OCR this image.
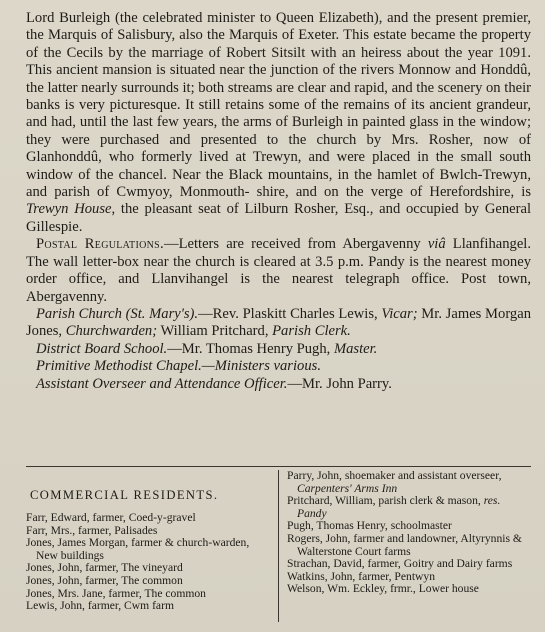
Lord Burleigh (the celebrated minister to Queen Elizabeth), and the present premier, the Marquis of Salisbury, also the Marquis of Exeter. This estate became the property of the Cecils by the marriage of Robert Sitsilt with an heiress about the year 1091. This ancient mansion is situated near the junction of the rivers Monnow and Honddû, the latter nearly surrounds it; both streams are clear and rapid, and the scenery on their banks is very picturesque. It still retains some of the remains of its ancient grandeur, and had, until the last few years, the arms of Burleigh in painted glass in the window; they were purchased and presented to the church by Mrs. Rosher, now of Glanhonddû, who formerly lived at Trewyn, and were placed in the small south window of the chancel. Near the Black mountains, in the hamlet of Bwlch-Trewyn, and parish of Cwmyoy, Monmouth- shire, and on the verge of Herefordshire, is Trewyn House, the pleasant seat of Lilburn Rosher, Esq., and occupied by General Gillespie.

Postal Regulations.—Letters are received from Abergavenny viâ Llanfihangel. The wall letter-box near the church is cleared at 3.5 p.m. Pandy is the nearest money order office, and Llanvihangel is the nearest telegraph office. Post town, Abergavenny.

Parish Church (St. Mary's).—Rev. Plaskitt Charles Lewis, Vicar; Mr. James Morgan Jones, Churchwarden; William Pritchard, Parish Clerk.

District Board School.—Mr. Thomas Henry Pugh, Master.

Primitive Methodist Chapel.—Ministers various.

Assistant Overseer and Attendance Officer.—Mr. John Parry.

COMMERCIAL RESIDENTS.

Farr, Edward, farmer, Coed-y-gravel

Farr, Mrs., farmer, Palisades

Jones, James Morgan, farmer & church-warden, New buildings

Jones, John, farmer, The vineyard

Jones, John, farmer, The common

Jones, Mrs. Jane, farmer, The common

Lewis, John, farmer, Cwm farm

Parry, John, shoemaker and assistant overseer, Carpenters' Arms Inn

Pritchard, William, parish clerk & mason, res. Pandy

Pugh, Thomas Henry, schoolmaster

Rogers, John, farmer and landowner, Altyrynnis & Walterstone Court farms

Strachan, David, farmer, Goitry and Dairy farms

Watkins, John, farmer, Pentwyn

Welson, Wm. Eckley, frmr., Lower house
